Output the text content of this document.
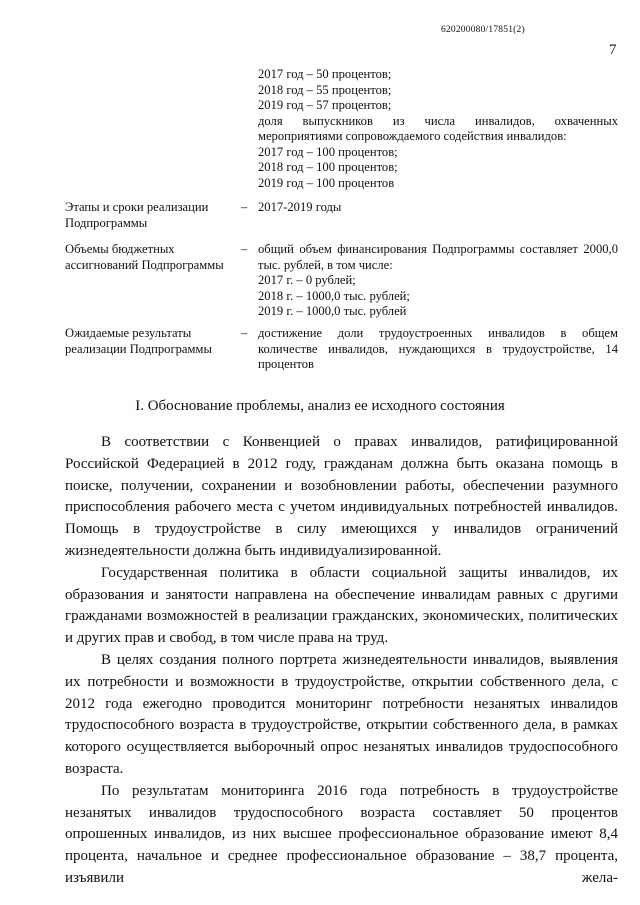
620200080/17851(2)
7
2017 год – 50 процентов;
2018 год – 55 процентов;
2019 год – 57 процентов;
доля выпускников из числа инвалидов, охваченных мероприятиями сопровождаемого содействия инвалидов:
2017 год – 100 процентов;
2018 год – 100 процентов;
2019 год – 100 процентов
Этапы и сроки реализации Подпрограммы
– 2017-2019 годы
Объемы бюджетных ассигнований Подпрограммы
– общий объем финансирования Подпрограммы составляет 2000,0 тыс. рублей, в том числе:
2017 г. – 0 рублей;
2018 г. – 1000,0 тыс. рублей;
2019 г. – 1000,0 тыс. рублей
Ожидаемые результаты реализации Подпрограммы
– достижение доли трудоустроенных инвалидов в общем количестве инвалидов, нуждающихся в трудоустройстве, 14 процентов
I. Обоснование проблемы, анализ ее исходного состояния

В соответствии с Конвенцией о правах инвалидов, ратифицированной Российской Федерацией в 2012 году, гражданам должна быть оказана помощь в поиске, получении, сохранении и возобновлении работы, обеспечении разумного приспособления рабочего места с учетом индивидуальных потребностей инвалидов. Помощь в трудоустройстве в силу имеющихся у инвалидов ограничений жизнедеятельности должна быть индивидуализированной.

Государственная политика в области социальной защиты инвалидов, их образования и занятости направлена на обеспечение инвалидам равных с другими гражданами возможностей в реализации гражданских, экономических, политических и других прав и свобод, в том числе права на труд.

В целях создания полного портрета жизнедеятельности инвалидов, выявления их потребности и возможности в трудоустройстве, открытии собственного дела, с 2012 года ежегодно проводится мониторинг потребности незанятых инвалидов трудоспособного возраста в трудоустройстве, открытии собственного дела, в рамках которого осуществляется выборочный опрос незанятых инвалидов трудоспособного возраста.

По результатам мониторинга 2016 года потребность в трудоустройстве незанятых инвалидов трудоспособного возраста составляет 50 процентов опрошенных инвалидов, из них высшее профессиональное образование имеют 8,4 процента, начальное и среднее профессиональное образование – 38,7 процента, изъявили жела-
